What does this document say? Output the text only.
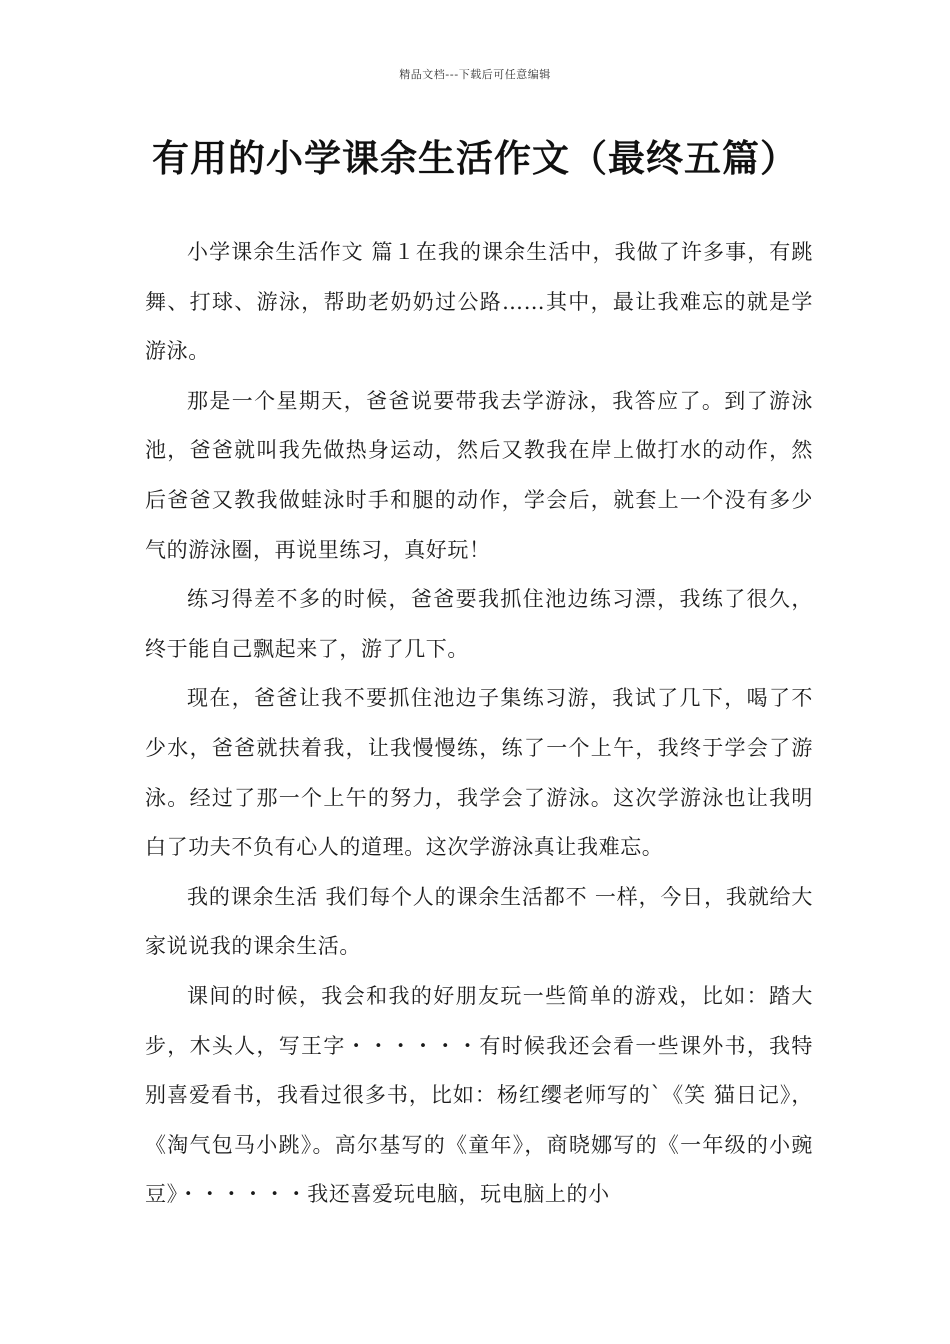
精品文档---下载后可任意编辑
有用的小学课余生活作文（最终五篇）

小学课余生活作文 篇１在我的课余生活中，我做了许多事，有跳舞、打球、游泳，帮助老奶奶过公路……其中，最让我难忘的就是学游泳。

那是一个星期天，爸爸说要带我去学游泳，我答应了。到了游泳池，爸爸就叫我先做热身运动，然后又教我在岸上做打水的动作，然后爸爸又教我做蛙泳时手和腿的动作，学会后，就套上一个没有多少气的游泳圈，再说里练习，真好玩！

练习得差不多的时候，爸爸要我抓住池边练习漂，我练了很久，终于能自己飘起来了，游了几下。

现在，爸爸让我不要抓住池边子集练习游，我试了几下，喝了不少水，爸爸就扶着我，让我慢慢练，练了一个上午，我终于学会了游泳。经过了那一个上午的努力，我学会了游泳。这次学游泳也让我明白了功夫不负有心人的道理。这次学游泳真让我难忘。

我的课余生活 我们每个人的课余生活都不 一样，今日，我就给大家说说我的课余生活。

课间的时候，我会和我的好朋友玩一些简单的游戏，比如：踏大步，木头人，写王字・・・・・・有时候我还会看一些课外书，我特别喜爱看书，我看过很多书，比如：杨红缨老师写的`《笑 猫日记》，《淘气包马小跳》。高尔基写的《童年》，商晓娜写的《一年级的小豌豆》・・・・・・我还喜爱玩电脑，玩电脑上的小
